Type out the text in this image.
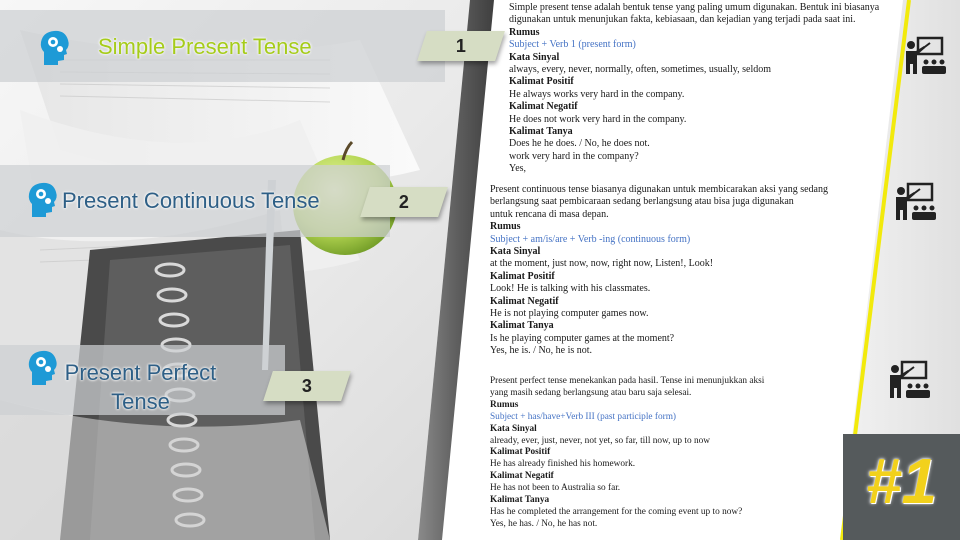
Simple Present Tense	1
Present Continuous Tense	2
Present Perfect
Tense
3

Simple present tense adalah bentuk tense yang paling umum digunakan. Bentuk ini biasanya

digunakan untuk menunjukan fakta, kebiasaan, dan kejadian yang terjadi pada saat ini.

Rumus

Subject + Verb 1 (present form)

Kata Sinyal

always, every, never, normally, often, sometimes, usually, seldom

Kalimat Positif

He always works very hard in the company.

Kalimat Negatif

He does not work very hard in the company.

Kalimat Tanya

Does he he does. / No, he does not.

work very hard in the company?

Yes,

Present continuous tense biasanya digunakan untuk membicarakan aksi yang sedang

berlangsung saat pembicaraan sedang berlangsung atau bisa juga digunakan

untuk rencana di masa depan.

Rumus

Subject + am/is/are + Verb -ing (continuous form)

Kata Sinyal

at the moment, just now, now, right now, Listen!, Look!

Kalimat Positif

Look! He is talking with his classmates.

Kalimat Negatif

He is not playing computer games now.

Kalimat Tanya

Is he playing computer games at the moment?

Yes, he is. / No, he is not.

Present perfect tense menekankan pada hasil. Tense ini menunjukkan aksi

yang masih sedang berlangsung atau baru saja selesai.

Rumus

Subject + has/have+Verb III (past participle form)

Kata Sinyal

already, ever, just, never, not yet, so far, till now, up to now

Kalimat Positif

He has already finished his homework.

Kalimat Negatif

He has not been to Australia so far.

Kalimat Tanya

Has he completed the arrangement for the coming event up to now?

Yes, he has. / No, he has not.

#1
